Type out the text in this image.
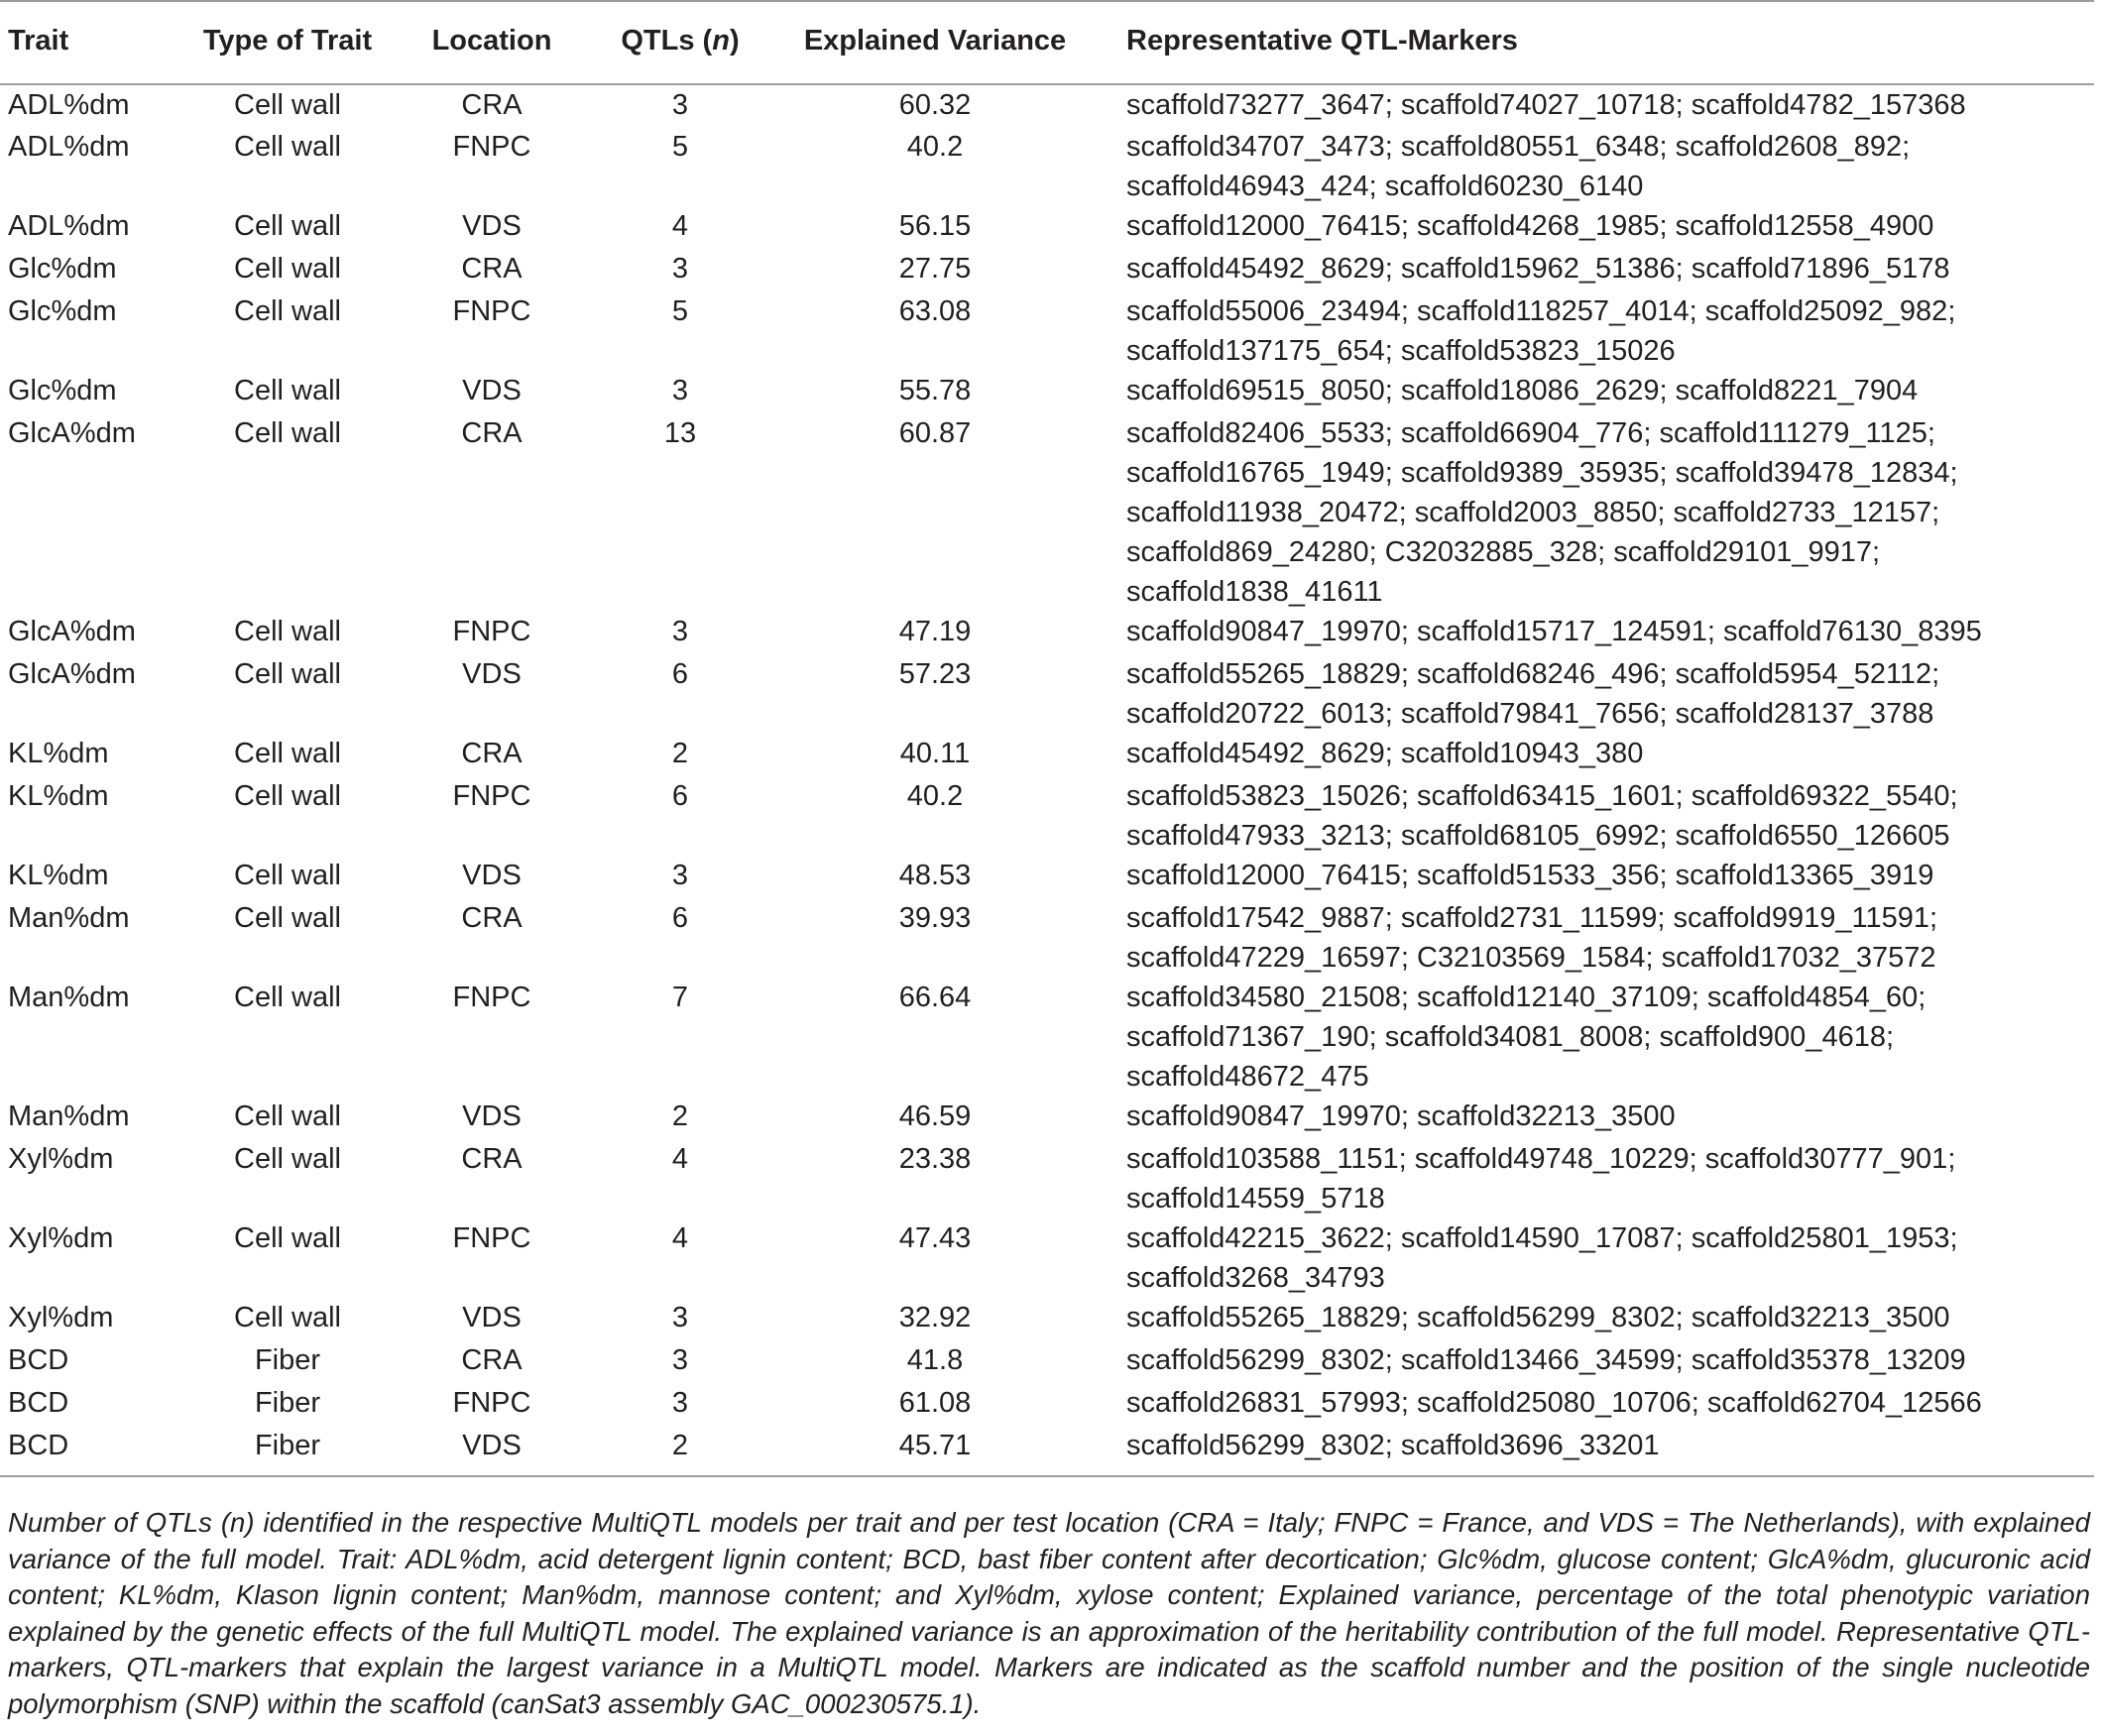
Trait	Type of Trait	Location	QTLs (n)	Explained Variance	Representative QTL-Markers
ADL%dm	Cell wall	CRA	3	60.32	scaffold73277_3647; scaffold74027_10718; scaffold4782_157368

ADL%dm	Cell wall	FNPC	5	40.2	scaffold34707_3473; scaffold80551_6348; scaffold2608_892;
scaffold46943_424; scaffold60230_6140

ADL%dm	Cell wall	VDS	4	56.15	scaffold12000_76415; scaffold4268_1985; scaffold12558_4900

Glc%dm	Cell wall	CRA	3	27.75	scaffold45492_8629; scaffold15962_51386; scaffold71896_5178

Glc%dm	Cell wall	FNPC	5	63.08	scaffold55006_23494; scaffold118257_4014; scaffold25092_982;
scaffold137175_654; scaffold53823_15026

Glc%dm	Cell wall	VDS	3	55.78	scaffold69515_8050; scaffold18086_2629; scaffold8221_7904

GlcA%dm	Cell wall	CRA	13	60.87	scaffold82406_5533; scaffold66904_776; scaffold111279_1125;
scaffold16765_1949; scaffold9389_35935; scaffold39478_12834;
scaffold11938_20472; scaffold2003_8850; scaffold2733_12157;
scaffold869_24280; C32032885_328; scaffold29101_9917;
scaffold1838_41611

GlcA%dm	Cell wall	FNPC	3	47.19	scaffold90847_19970; scaffold15717_124591; scaffold76130_8395

GlcA%dm	Cell wall	VDS	6	57.23	scaffold55265_18829; scaffold68246_496; scaffold5954_52112;
scaffold20722_6013; scaffold79841_7656; scaffold28137_3788

KL%dm	Cell wall	CRA	2	40.11	scaffold45492_8629; scaffold10943_380

KL%dm	Cell wall	FNPC	6	40.2	scaffold53823_15026; scaffold63415_1601; scaffold69322_5540;
scaffold47933_3213; scaffold68105_6992; scaffold6550_126605

KL%dm	Cell wall	VDS	3	48.53	scaffold12000_76415; scaffold51533_356; scaffold13365_3919

Man%dm	Cell wall	CRA	6	39.93	scaffold17542_9887; scaffold2731_11599; scaffold9919_11591;
scaffold47229_16597; C32103569_1584; scaffold17032_37572

Man%dm	Cell wall	FNPC	7	66.64	scaffold34580_21508; scaffold12140_37109; scaffold4854_60;
scaffold71367_190; scaffold34081_8008; scaffold900_4618;
scaffold48672_475

Man%dm	Cell wall	VDS	2	46.59	scaffold90847_19970; scaffold32213_3500

Xyl%dm	Cell wall	CRA	4	23.38	scaffold103588_1151; scaffold49748_10229; scaffold30777_901;
scaffold14559_5718

Xyl%dm	Cell wall	FNPC	4	47.43	scaffold42215_3622; scaffold14590_17087; scaffold25801_1953;
scaffold3268_34793

Xyl%dm	Cell wall	VDS	3	32.92	scaffold55265_18829; scaffold56299_8302; scaffold32213_3500

BCD	Fiber	CRA	3	41.8	scaffold56299_8302; scaffold13466_34599; scaffold35378_13209

BCD	Fiber	FNPC	3	61.08	scaffold26831_57993; scaffold25080_10706; scaffold62704_12566

BCD	Fiber	VDS	2	45.71	scaffold56299_8302; scaffold3696_33201
Number of QTLs (n) identified in the respective MultiQTL models per trait and per test location (CRA = Italy; FNPC = France, and VDS = The Netherlands), with explained variance of the full model. Trait: ADL%dm, acid detergent lignin content; BCD, bast fiber content after decortication; Glc%dm, glucose content; GlcA%dm, glucuronic acid content; KL%dm, Klason lignin content; Man%dm, mannose content; and Xyl%dm, xylose content; Explained variance, percentage of the total phenotypic variation explained by the genetic effects of the full MultiQTL model. The explained variance is an approximation of the heritability contribution of the full model. Representative QTL-markers, QTL-markers that explain the largest variance in a MultiQTL model. Markers are indicated as the scaffold number and the position of the single nucleotide polymorphism (SNP) within the scaffold (canSat3 assembly GAC_000230575.1).
